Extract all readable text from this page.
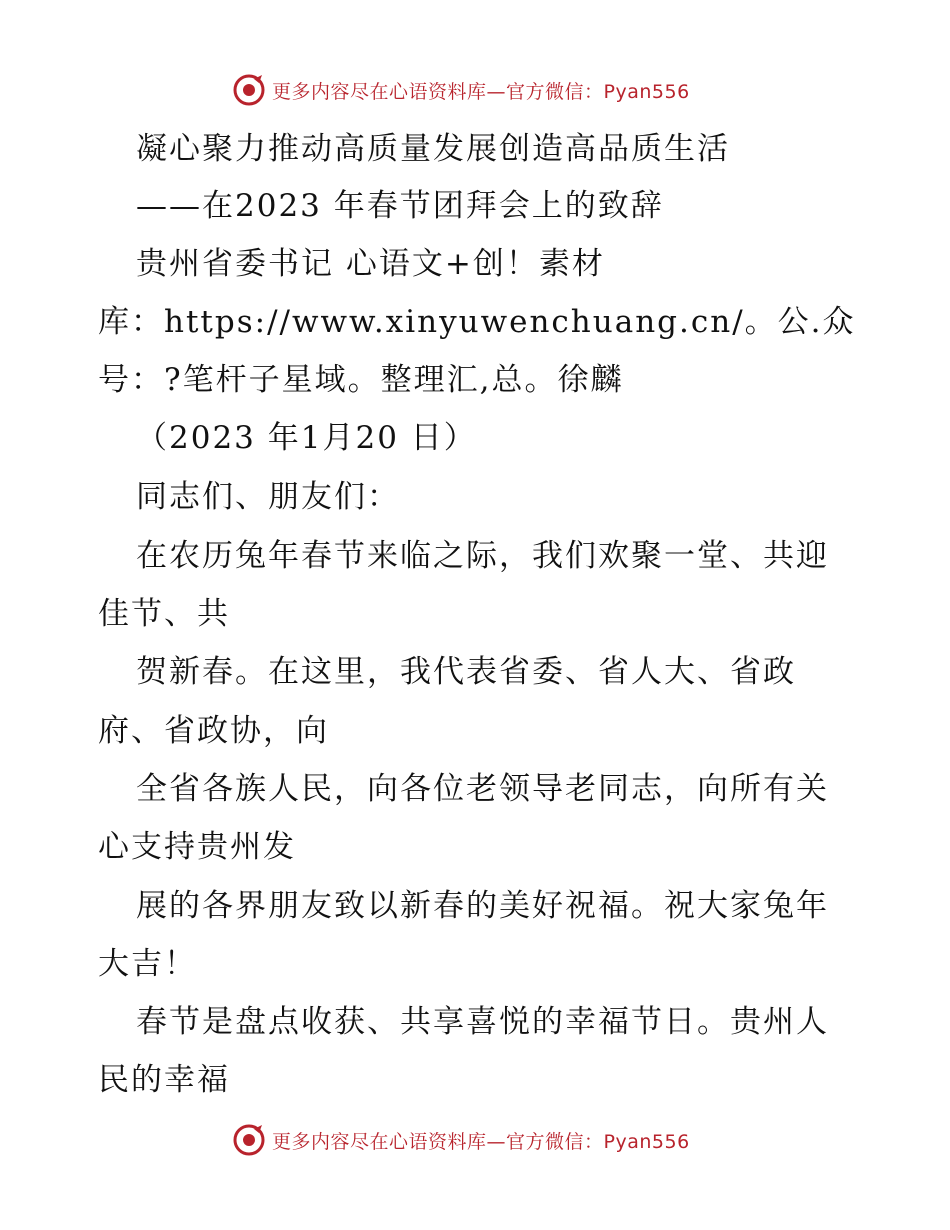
更多内容尽在心语资料库—官方微信：Pyan556
凝心聚力推动高质量发展创造高品质生活
——在2023 年春节团拜会上的致辞
贵州省委书记 心语文+创！素材
库：https://www.xinyuwenchuang.cn/。公.众
号：?笔杆子星域。整理汇,总。徐麟
（2023 年1月20 日）
同志们、朋友们：
在农历兔年春节来临之际，我们欢聚一堂、共迎
佳节、共
贺新春。在这里，我代表省委、省人大、省政
府、省政协，向
全省各族人民，向各位老领导老同志，向所有关
心支持贵州发
展的各界朋友致以新春的美好祝福。祝大家兔年
大吉！
春节是盘点收获、共享喜悦的幸福节日。贵州人
民的幸福
更多内容尽在心语资料库—官方微信：Pyan556
